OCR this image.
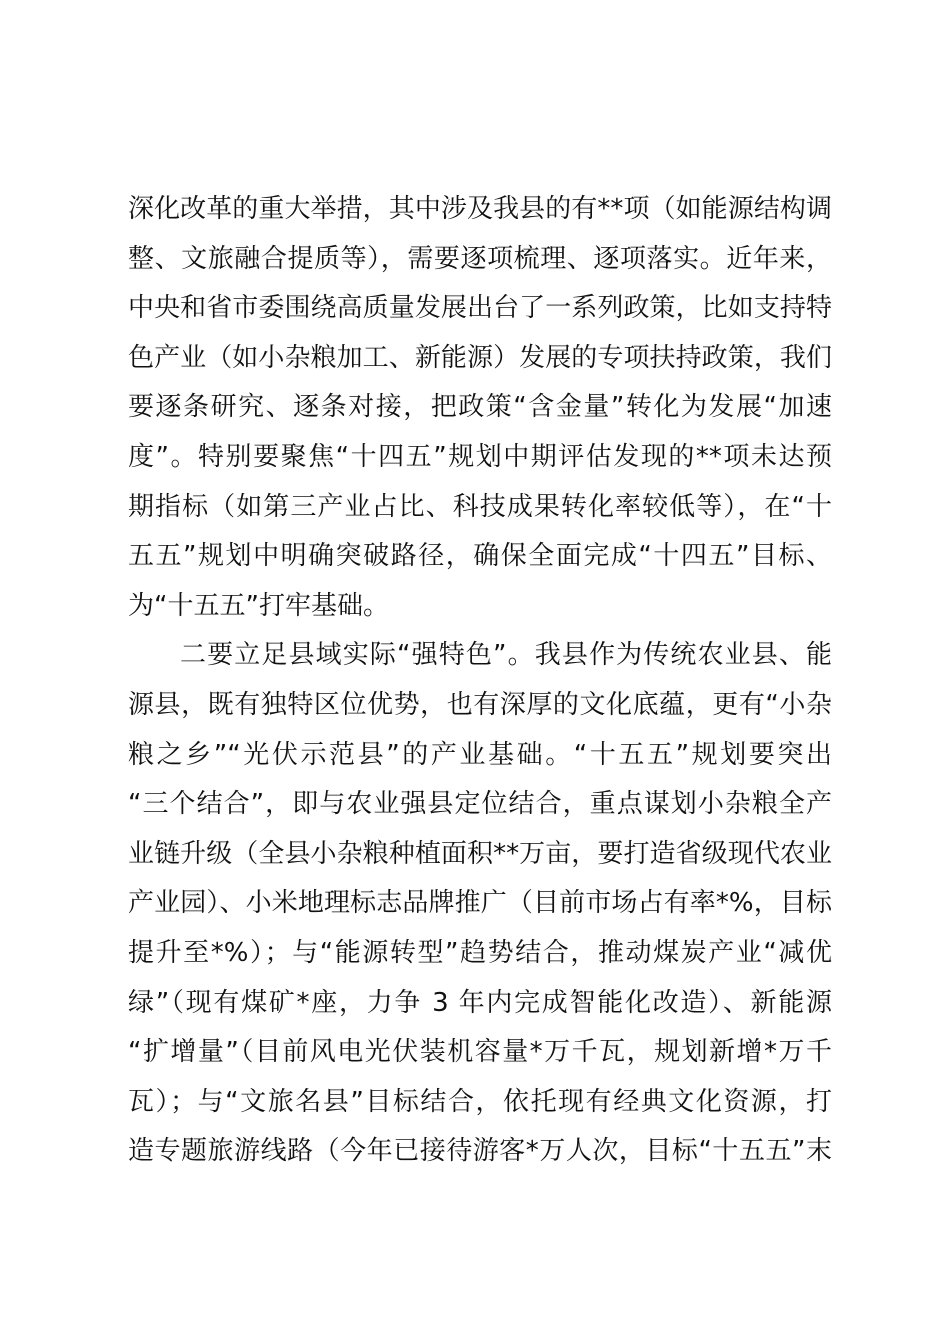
深化改革的重大举措，其中涉及我县的有**项（如能源结构调
整、文旅融合提质等），需要逐项梳理、逐项落实。近年来，
中央和省市委围绕高质量发展出台了一系列政策，比如支持特
色产业（如小杂粮加工、新能源）发展的专项扶持政策，我们
要逐条研究、逐条对接，把政策“含金量”转化为发展“加速
度”。特别要聚焦“十四五”规划中期评估发现的**项未达预
期指标（如第三产业占比、科技成果转化率较低等），在“十
五五”规划中明确突破路径，确保全面完成“十四五”目标、
为“十五五”打牢基础。
二要立足县域实际“强特色”。我县作为传统农业县、能
源县，既有独特区位优势，也有深厚的文化底蕴，更有“小杂
粮之乡”“光伏示范县”的产业基础。“十五五”规划要突出
“三个结合”，即与农业强县定位结合，重点谋划小杂粮全产
业链升级（全县小杂粮种植面积**万亩，要打造省级现代农业
产业园）、小米地理标志品牌推广（目前市场占有率*%，目标
提升至*%）；与“能源转型”趋势结合，推动煤炭产业“减优
绿”（现有煤矿*座，力争 3 年内完成智能化改造）、新能源
“扩增量”（目前风电光伏装机容量*万千瓦，规划新增*万千
瓦）；与“文旅名县”目标结合，依托现有经典文化资源，打
造专题旅游线路（今年已接待游客*万人次，目标“十五五”末
